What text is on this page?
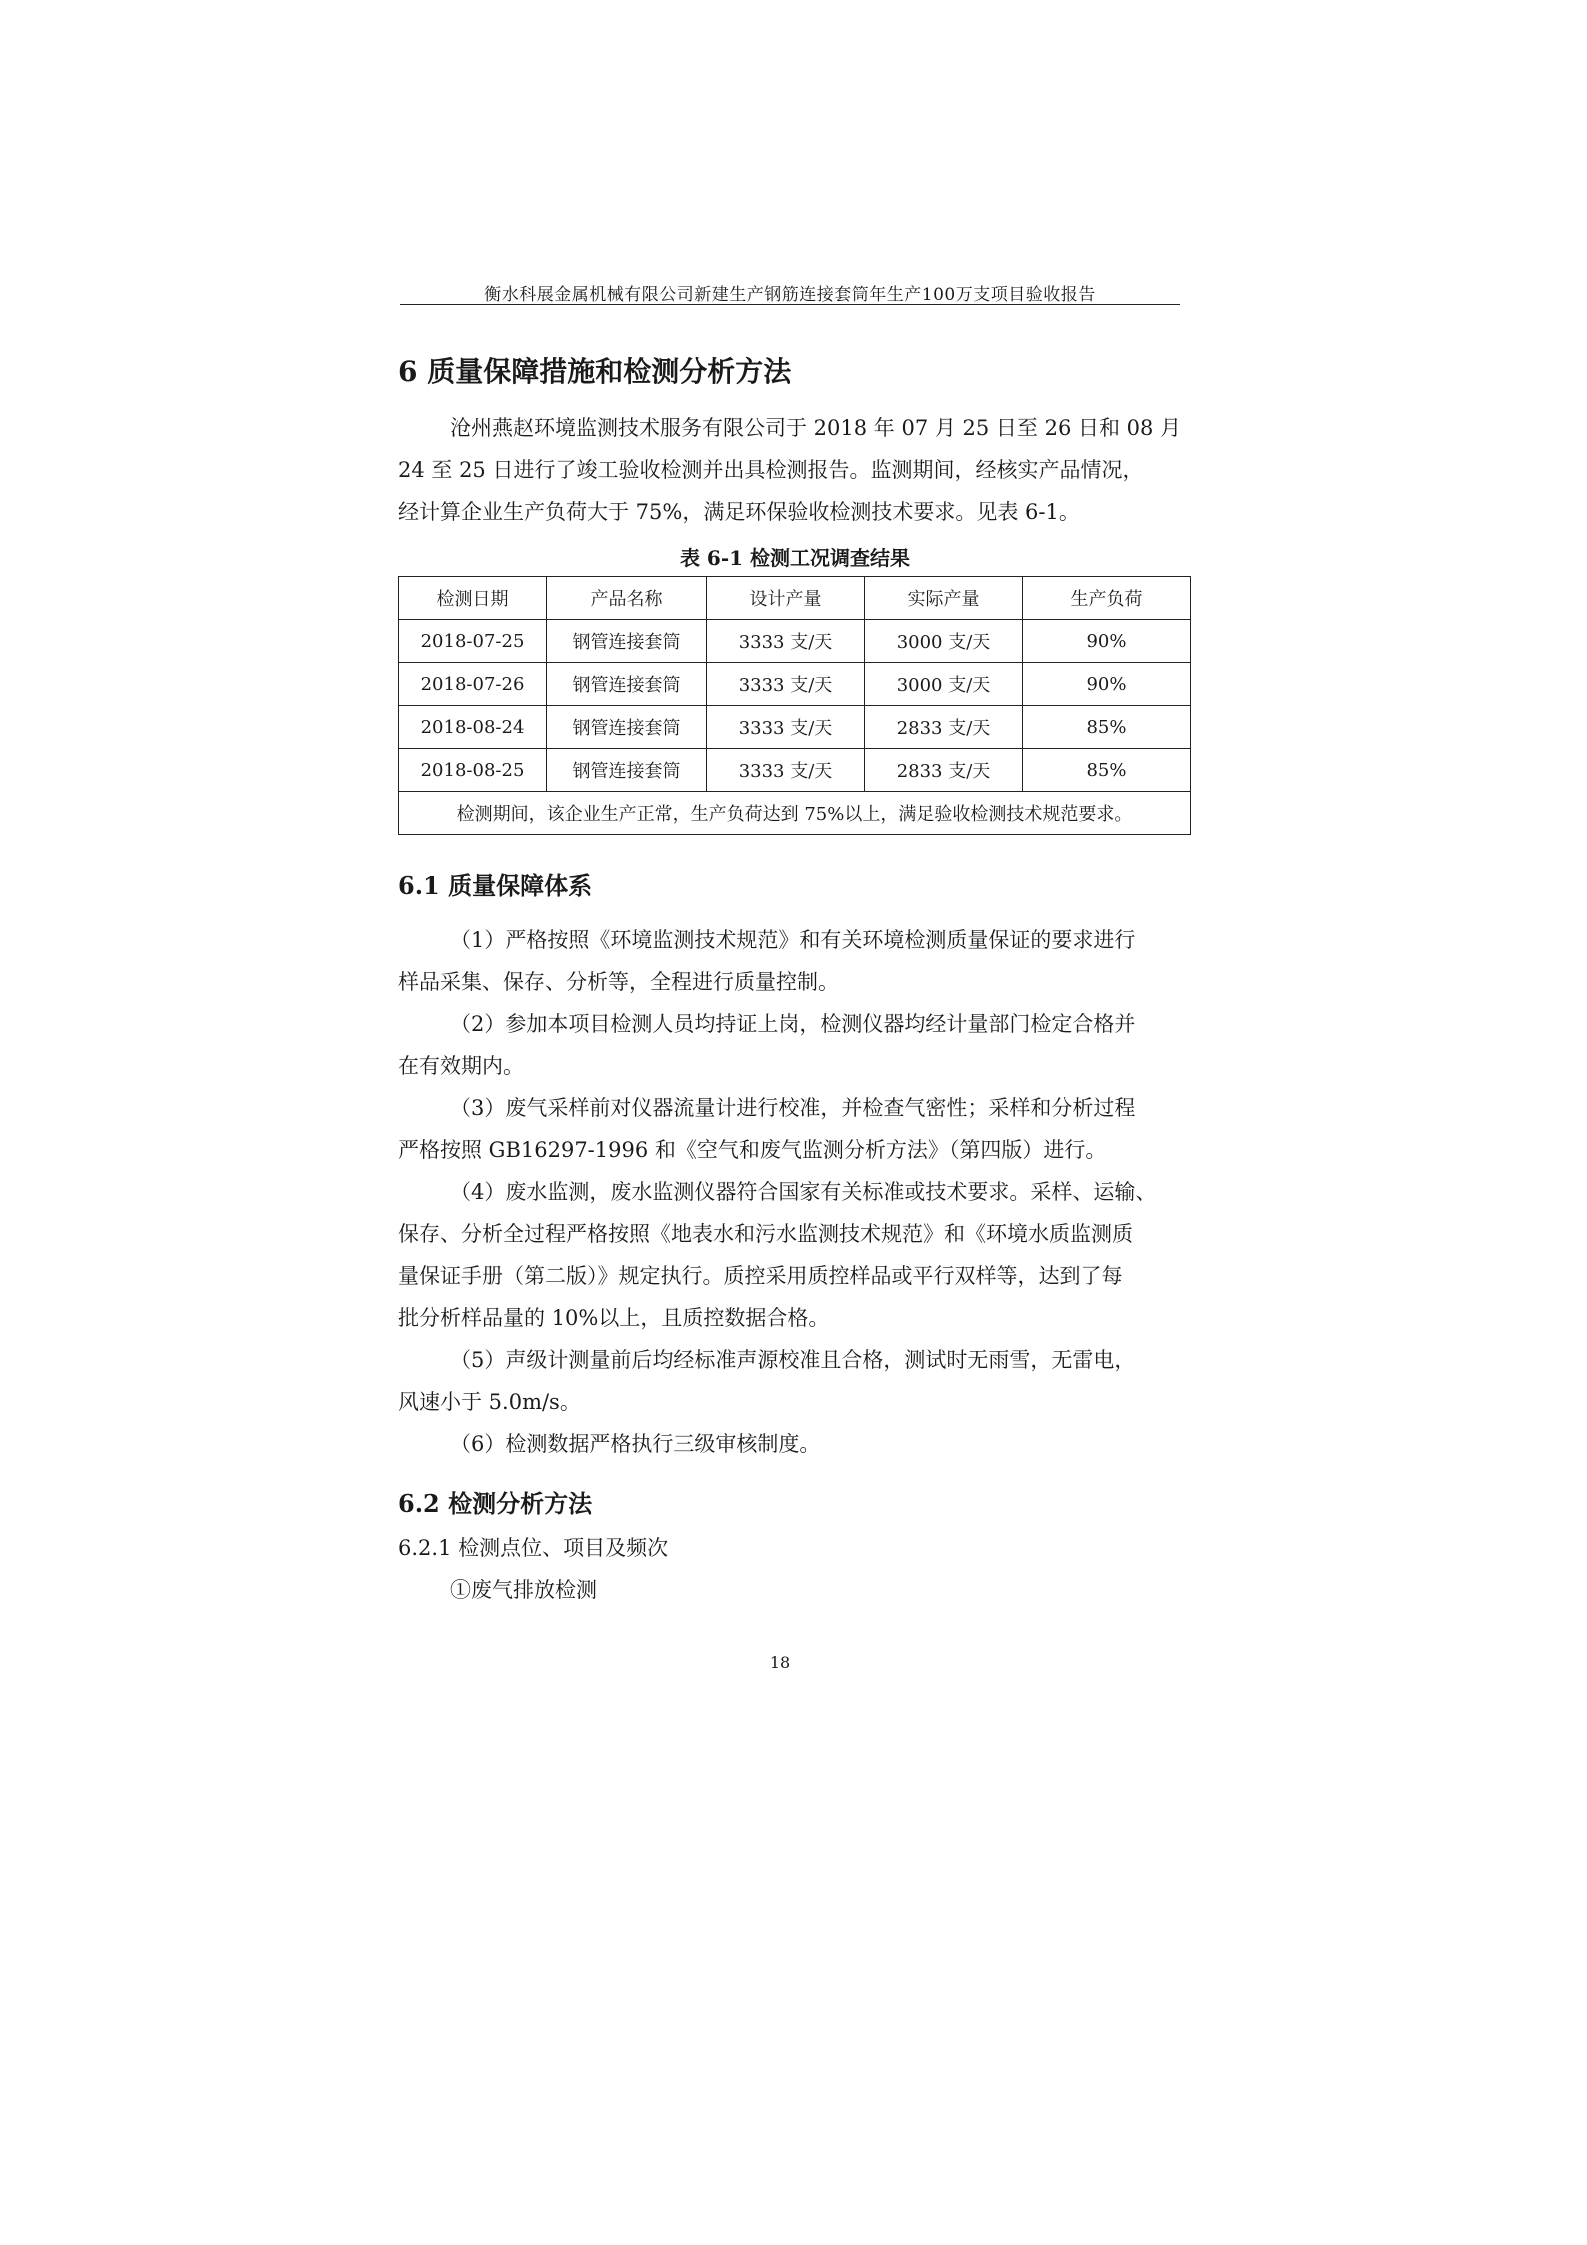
衡水科展金属机械有限公司新建生产钢筋连接套筒年生产100万支项目验收报告
6 质量保障措施和检测分析方法
沧州燕赵环境监测技术服务有限公司于 2018 年 07 月 25 日至 26 日和 08 月
24 至 25 日进行了竣工验收检测并出具检测报告。监测期间，经核实产品情况，
经计算企业生产负荷大于 75%，满足环保验收检测技术要求。见表 6-1。
表 6-1 检测工况调查结果
检测日期	产品名称	设计产量	实际产量	生产负荷
2018-07-25	钢管连接套筒	3333 支/天	3000 支/天	90%
2018-07-26	钢管连接套筒	3333 支/天	3000 支/天	90%
2018-08-24	钢管连接套筒	3333 支/天	2833 支/天	85%
2018-08-25	钢管连接套筒	3333 支/天	2833 支/天	85%
检测期间，该企业生产正常，生产负荷达到 75%以上，满足验收检测技术规范要求。				
6.1 质量保障体系
（1）严格按照《环境监测技术规范》和有关环境检测质量保证的要求进行
样品采集、保存、分析等，全程进行质量控制。
（2）参加本项目检测人员均持证上岗，检测仪器均经计量部门检定合格并
在有效期内。
（3）废气采样前对仪器流量计进行校准，并检查气密性；采样和分析过程
严格按照 GB16297-1996 和《空气和废气监测分析方法》（第四版）进行。
（4）废水监测，废水监测仪器符合国家有关标准或技术要求。采样、运输、
保存、分析全过程严格按照《地表水和污水监测技术规范》和《环境水质监测质
量保证手册（第二版）》规定执行。质控采用质控样品或平行双样等，达到了每
批分析样品量的 10%以上，且质控数据合格。
（5）声级计测量前后均经标准声源校准且合格，测试时无雨雪，无雷电，
风速小于 5.0m/s。
（6）检测数据严格执行三级审核制度。
6.2 检测分析方法
6.2.1 检测点位、项目及频次
①废气排放检测
18
